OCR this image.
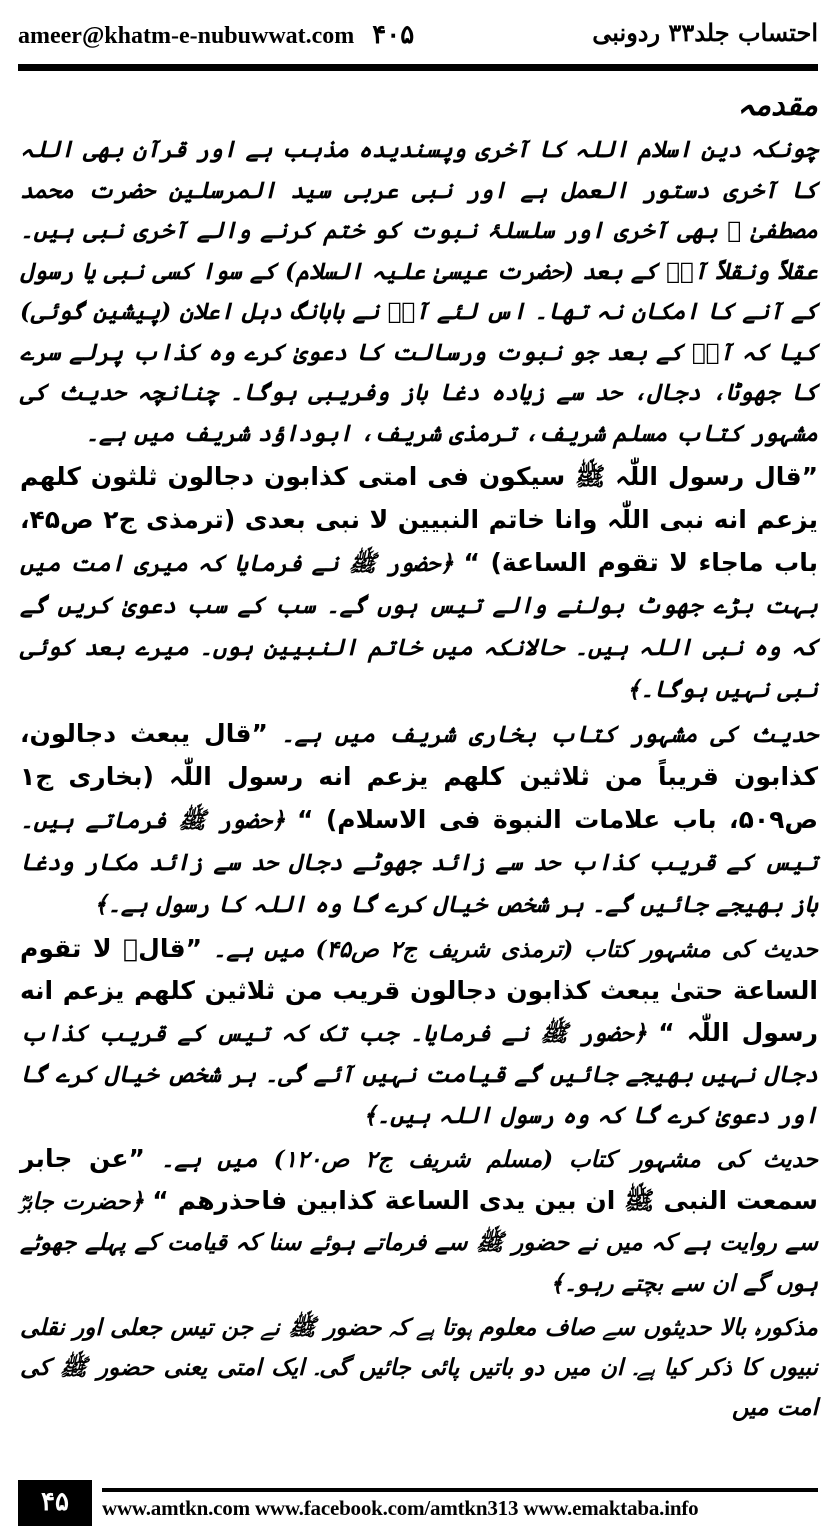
ameer@khatm-e-nubuwwat.com ۴۰۵	احتساب جلد۳۳ ردونبی
مقدمہ

چونکہ دین اسلام اللہ کا آخری وپسندیدہ مذہب ہے اور قرآن بھی اللہ کا آخری دستور العمل ہے اور نبی عربی سید المرسلین حضرت محمد مصطفیٰ ﷺ بھی آخری اور سلسلۂ نبوت کو ختم کرنے والے آخری نبی ہیں۔ عقلاً ونقلاً آپؐ کے بعد (حضرت عیسیٰ علیہ السلام) کے سوا کسی نبی یا رسول کے آنے کا امکان نہ تھا۔ اس لئے آپؐ نے بابانگ دہل اعلان (پیشین گوئی) کیا کہ آپؐ کے بعد جو نبوت ورسالت کا دعویٰ کرے وہ کذاب پرلے سرے کا جھوٹا، دجال، حد سے زیادہ دغا باز وفریبی ہوگا۔ چنانچہ حدیث کی مشہور کتاب مسلم شریف، ترمذی شریف، ابوداؤد شریف میں ہے۔

”قال رسول اللّٰہ ﷺ سیکون فی امتی کذابون دجالون ثلثون کلھم یزعم انه نبی اللّٰہ وانا خاتم النبیین لا نبی بعدی (ترمذی ج۲ ص۴۵، باب ماجاء لا تقوم الساعة) “ ﴿حضور ﷺ نے فرمایا کہ میری امت میں بہت بڑے جھوٹ بولنے والے تیس ہوں گے۔ سب کے سب دعویٰ کریں گے کہ وہ نبی اللہ ہیں۔ حالانکہ میں خاتم النبیین ہوں۔ میرے بعد کوئی نبی نہیں ہوگا۔﴾

حدیث کی مشہور کتاب بخاری شریف میں ہے۔ ”قال یبعث دجالون، کذابون قریباً من ثلاثین کلھم یزعم انه رسول اللّٰہ (بخاری ج۱ ص۵۰۹، باب علامات النبوة فی الاسلام) “ ﴿حضور ﷺ فرماتے ہیں۔ تیس کے قریب کذاب حد سے زائد جھوٹے دجال حد سے زائد مکار ودغا باز بھیجے جائیں گے۔ ہر شخص خیال کرے گا وہ اللہ کا رسول ہے۔﴾

حدیث کی مشہور کتاب (ترمذی شریف ج۲ ص۴۵) میں ہے۔ ”قالؐ لا تقوم الساعة حتیٰ یبعث کذابون دجالون قریب من ثلاثین کلھم یزعم انه رسول اللّٰہ “ ﴿حضور ﷺ نے فرمایا۔ جب تک کہ تیس کے قریب کذاب دجال نہیں بھیجے جائیں گے قیامت نہیں آئے گی۔ ہر شخص خیال کرے گا اور دعویٰ کرے گا کہ وہ رسول اللہ ہیں۔﴾

حدیث کی مشہور کتاب (مسلم شریف ج۲ ص۱۲۰) میں ہے۔ ”عن جابر سمعت النبی ﷺ ان بین یدی الساعة کذابین فاحذرھم “ ﴿حضرت جابرؓ سے روایت ہے کہ میں نے حضور ﷺ سے فرماتے ہوئے سنا کہ قیامت کے پہلے جھوٹے ہوں گے ان سے بچتے رہو۔﴾

مذکورہ بالا حدیثوں سے صاف معلوم ہوتا ہے کہ حضور ﷺ نے جن تیس جعلی اور نقلی نبیوں کا ذکر کیا ہے۔ ان میں دو باتیں پائی جائیں گی۔ ایک امتی یعنی حضور ﷺ کی امت میں

۴۵	www.amtkn.com www.facebook.com/amtkn313 www.emaktaba.info
